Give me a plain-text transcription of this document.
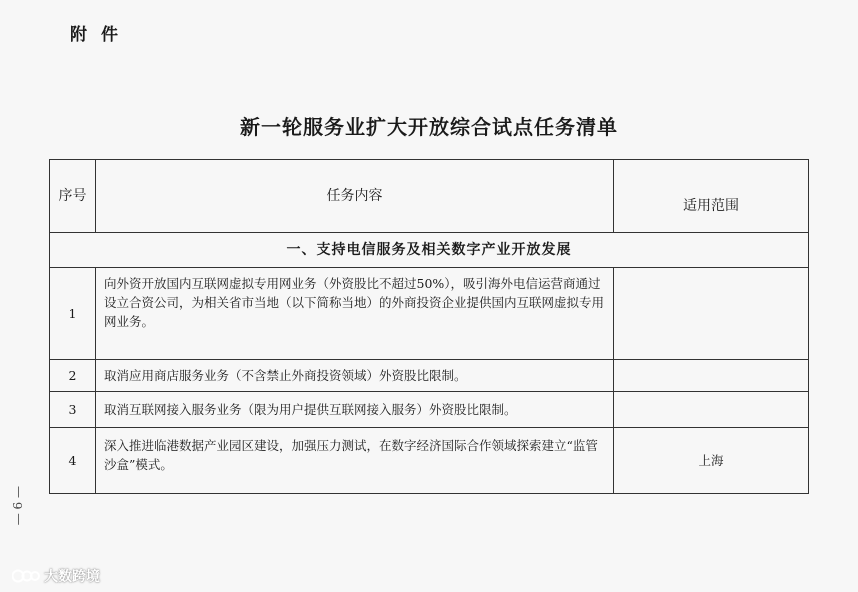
附件
新一轮服务业扩大开放综合试点任务清单
序号	任务内容	适用范围
一、支持电信服务及相关数字产业开放发展		
1	向外资开放国内互联网虚拟专用网业务（外资股比不超过50%），吸引海外电信运营商通过设立合资公司，为相关省市当地（以下简称当地）的外商投资企业提供国内互联网虚拟专用网业务。	
2	取消应用商店服务业务（不含禁止外商投资领域）外资股比限制。	
3	取消互联网接入服务业务（限为用户提供互联网接入服务）外资股比限制。	
4	深入推进临港数据产业园区建设，加强压力测试，在数字经济国际合作领域探索建立“监管沙盒”模式。	上海
— 6 —
大数跨境
